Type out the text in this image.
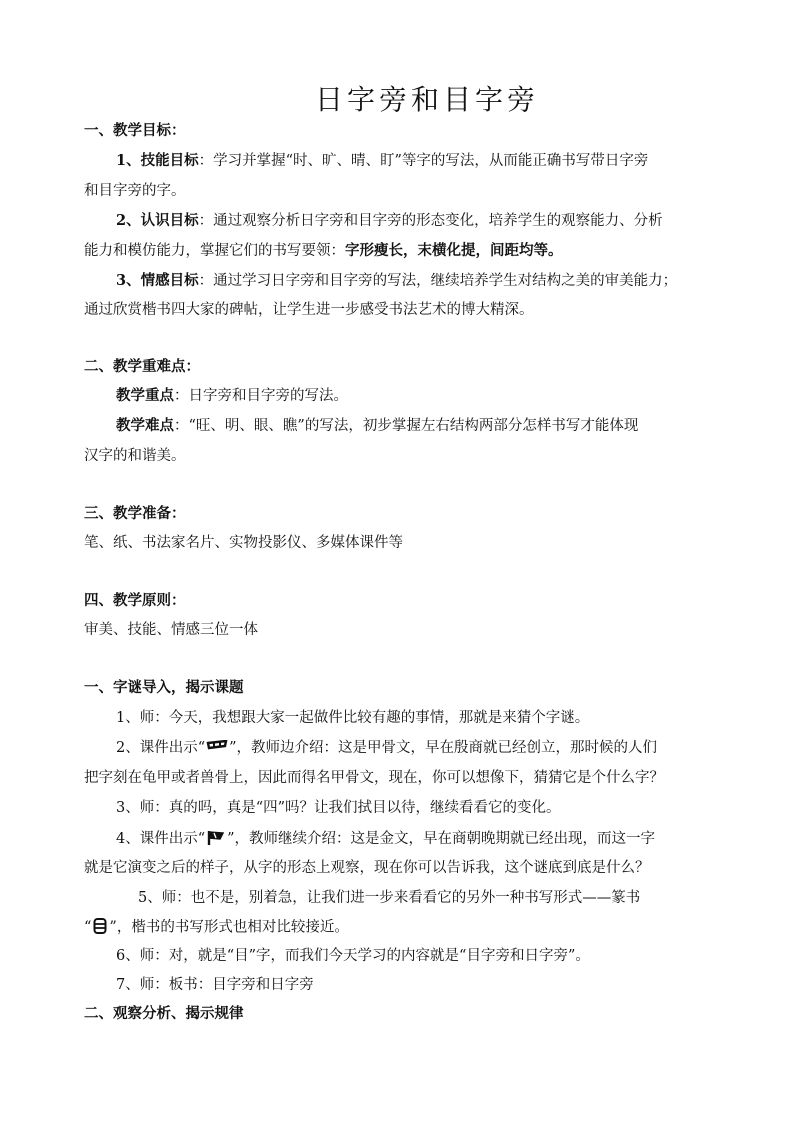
日字旁和目字旁
一、教学目标：
1、技能目标：学习并掌握“时、旷、晴、盯”等字的写法，从而能正确书写带日字旁
和目字旁的字。
2、认识目标：通过观察分析日字旁和目字旁的形态变化，培养学生的观察能力、分析
能力和模仿能力，掌握它们的书写要领：字形瘦长，末横化提，间距均等。
3、情感目标：通过学习日字旁和目字旁的写法，继续培养学生对结构之美的审美能力；
通过欣赏楷书四大家的碑帖，让学生进一步感受书法艺术的博大精深。
二、教学重难点：
教学重点：日字旁和目字旁的写法。
教学难点：“旺、明、眼、瞧”的写法，初步掌握左右结构两部分怎样书写才能体现
汉字的和谐美。
三、教学准备：
笔、纸、书法家名片、实物投影仪、多媒体课件等
四、教学原则：
审美、技能、情感三位一体
一、字谜导入，揭示课题
1、师：今天，我想跟大家一起做件比较有趣的事情，那就是来猜个字谜。
2、课件出示“ ”，教师边介绍：这是甲骨文，早在殷商就已经创立，那时候的人们
把字刻在龟甲或者兽骨上，因此而得名甲骨文，现在，你可以想像下，猜猜它是个什么字？
3、师：真的吗，真是“四”吗？让我们拭目以待，继续看看它的变化。
4、课件出示“ ”，教师继续介绍：这是金文，早在商朝晚期就已经出现，而这一字
就是它演变之后的样子，从字的形态上观察，现在你可以告诉我，这个谜底到底是什么？
5、师：也不是，别着急，让我们进一步来看看它的另外一种书写形式——篆书
“ ”，楷书的书写形式也相对比较接近。
6、师：对，就是“目”字，而我们今天学习的内容就是“目字旁和日字旁”。
7、师：板书：目字旁和日字旁
二、观察分析、揭示规律
